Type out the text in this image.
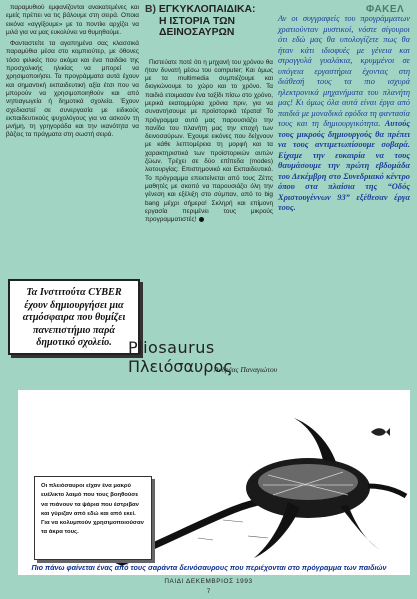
παραμυθιού εμφανίζονται ανακατεμένες και εμείς πρέπει να τις βάλουμε στη σειρά. Οποια εικόνα «αγγίξουμε» με το ποντίκι αρχίζει να μιλά για να μας ευκολύνει να θυμηθούμε.

Φανταστείτε τα αγαπημένα σας κλασσικά παραμύθια μέσα στο κομπιούτερ, με όθονες τόσο φιλικές που ακόμα και ένα παιδάκι της προσχολικής ηλικίας να μπορεί να χρησιμοποιήσει. Τα προγράμματα αυτά έχουν και σημαντική εκπαιδευτική αξία έτσι που να μπορούν να χρησιμοποιηθούν και από νηπιαγωγεία ή δημοτικά σχολεία. Έχουν σχεδιαστεί σε συνεργασία με ειδικούς εκπαιδευτικούς ψυχολόγους για να ασκούν τη μνήμη, τη γρηγοράδα και την ικανότητα να βάζεις τα πράγματα στη σωστή σειρά.

Τα Ινστιτούτα CYBER έχουν δημιουργήσει μια ατμόσφαιρα που θυμίζει πανεπιστήμιο παρά δημοτικό σχολείο.
B) ΕΓΚΥΚΛΟΠΑΙΔΙΚΑ:
Η ΙΣΤΟΡΙΑ ΤΩΝ
ΔΕΙΝΟΣΑΥΡΩΝ

Πιστεύατε ποτέ ότι η μηχανή του χρόνου θα ήταν δυνατή μέσω του computer; Και όμως με τα multimedia συμπιέζουμε και διογκώνουμε το χώρο και το χρόνο. Τα παιδιά ετοιμασαν ένα ταξίδι πίσω στο χρόνο, μερικά εκατομμύρια χρόνια πριν, για να συναντήσουμε με προϊστορικά τέρατα! Το πρόγραμμα αυτό μας παρουσιάζει την πανίδα του πλανήτη μας την εποχή των δεινοσαύρων. Έχουμε εικόνες που δείχνουν με κάθε λεπτομέρεια τη μορφή και τα χαρακτηριστικά των προϊστορικών αυτών ζώων. Τρέχει σε δύο επίπεδα (modes) λειτουργίας: Επιστημονικό και Εκπαιδευτικό. Το πρόγραμμα επεκτείνεται από τους Ζέττς μαθητές με σκοπό να παρουσιάζει όλη την γένεση και εξέλιξη στο σύμπαν, από το big bang μέχρι σήμερα! Σκληρή και επίμονη εργασία περιμένει τους μικρούς προγραμματιστές!

Ανδρέας Παναγιώτου
ΦΑΚΕΛ
Αν οι συγγραφείς του προγράμματων χρατιούνταν μυστικοί, νόστε σίγουροι ότι εδώ μας θα υπολογίζετε πως θα ήταν κάτι ιδιοφυές με γένεια και στρογγυλά γυαλάκια, κρυμμένοι σε υπόγεια εργαστήρια έχοντας στη διάθεσή τους τα πιο ισχυρά ηλεκτρονικά μηχανήματα του πλανήτη μας! Κι όμως όλα αυτά είναι έργα από παιδιά με μοναδικά εφόδια τη φαντασία τους και τη δημιουργικότητα. Αυτούς τους μικρούς δημιουργούς θα πρέπει να τους αντιμετωπίσουμε σοβαρά. Είχαμε την ευκαιρία να τους θαυμάσουμε την πρώτη εβδομάδα του Δεκέμβρη στο Συνεδριακό κέντρο όπου στα πλαίσια της “Οδός Χριστουγέννων 93” εξέθεσαν έργα τους.
Pliosaurus
Πλειόσαυρος
Οι πλειόσαυροι είχαν ένα μακρύ ευέλικτο λαιμό που τους βοηθούσε να πιάνουν τα ψάρια που έστριβαν και γύριζαν από εδώ και από εκεί. Για να κολυμπούν χρησιμοποιούσαν τα άκρα τους.
Πιο πάνω φαίνεται ένας από τους σαράντα δεινόσαυρους που περιέχονται στο πρόγραμμα των παιδιών
ΠΑΙΔΙ ΔΕΚΕΜΒΡΙΟΣ 1993
7
